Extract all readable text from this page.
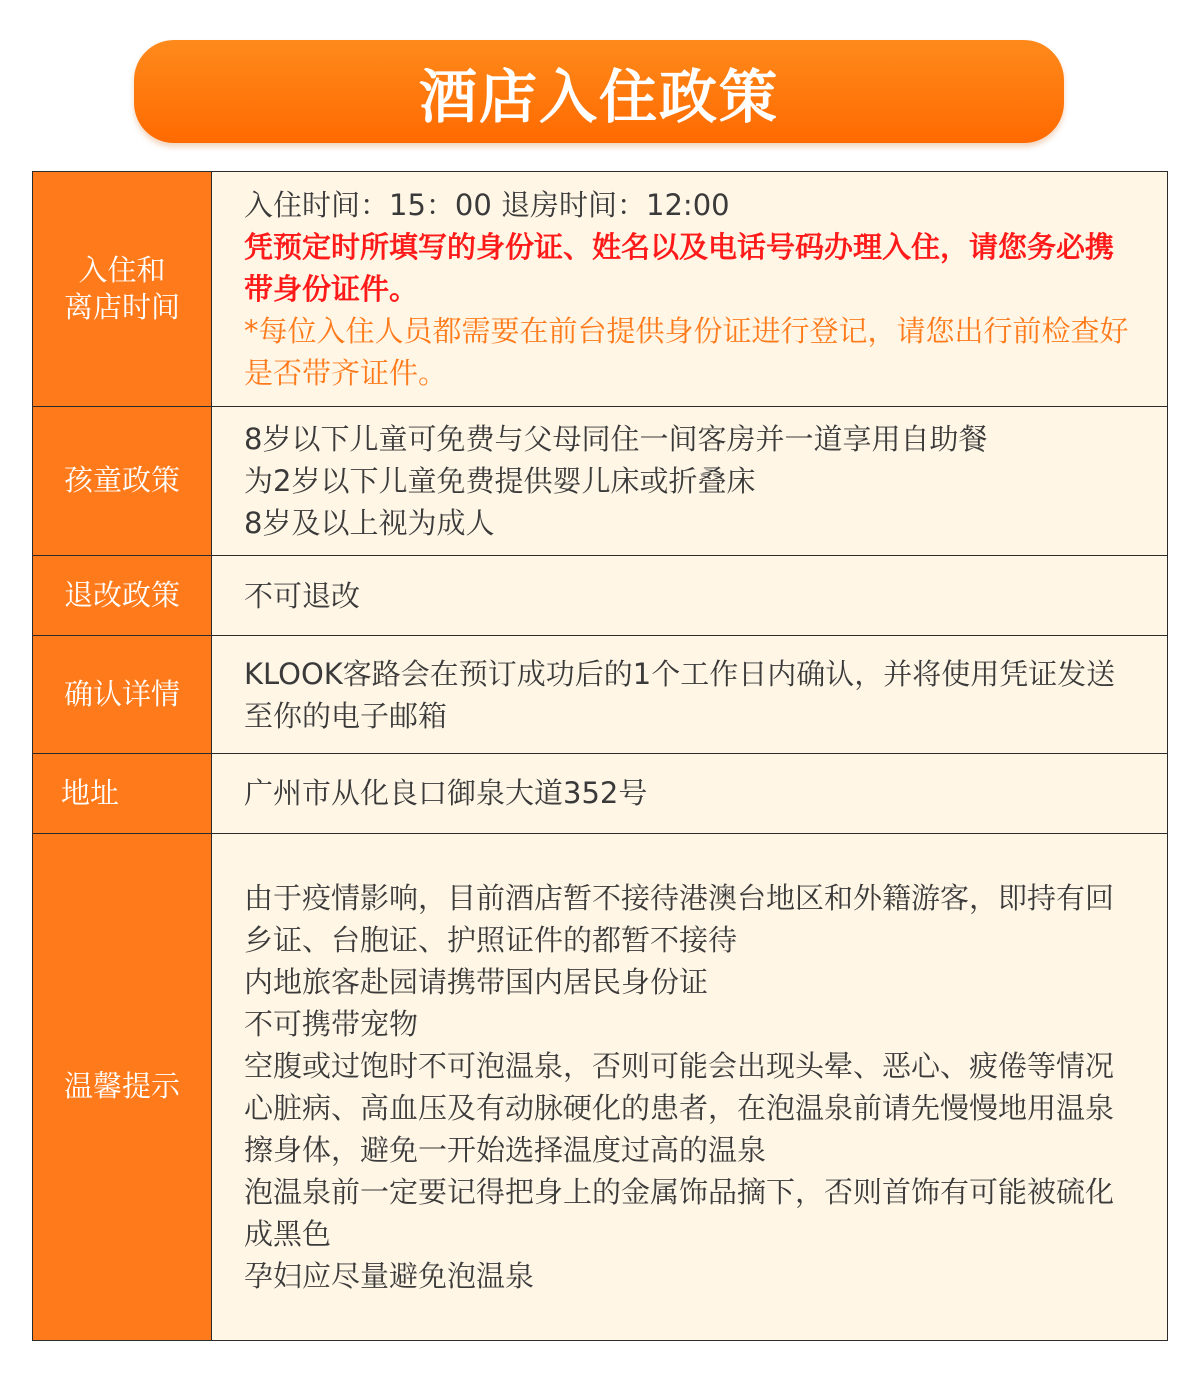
酒店入住政策
入住和
离店时间
入住时间：15：00 退房时间：12:00
凭预定时所填写的身份证、姓名以及电话号码办理入住，请您务必携带身份证件。
*每位入住人员都需要在前台提供身份证进行登记，请您出行前检查好是否带齐证件。
孩童政策
8岁以下儿童可免费与父母同住一间客房并一道享用自助餐
为2岁以下儿童免费提供婴儿床或折叠床
8岁及以上视为成人
退改政策 不可退改
确认详情
KLOOK客路会在预订成功后的1个工作日内确认，并将使用凭证发送至你的电子邮箱
地址	广州市从化良口御泉大道352号
温馨提示
由于疫情影响，目前酒店暂不接待港澳台地区和外籍游客，即持有回乡证、台胞证、护照证件的都暂不接待
内地旅客赴园请携带国内居民身份证
不可携带宠物
空腹或过饱时不可泡温泉，否则可能会出现头晕、恶心、疲倦等情况
心脏病、高血压及有动脉硬化的患者，在泡温泉前请先慢慢地用温泉擦身体，避免一开始选择温度过高的温泉
泡温泉前一定要记得把身上的金属饰品摘下，否则首饰有可能被硫化成黑色
孕妇应尽量避免泡温泉
